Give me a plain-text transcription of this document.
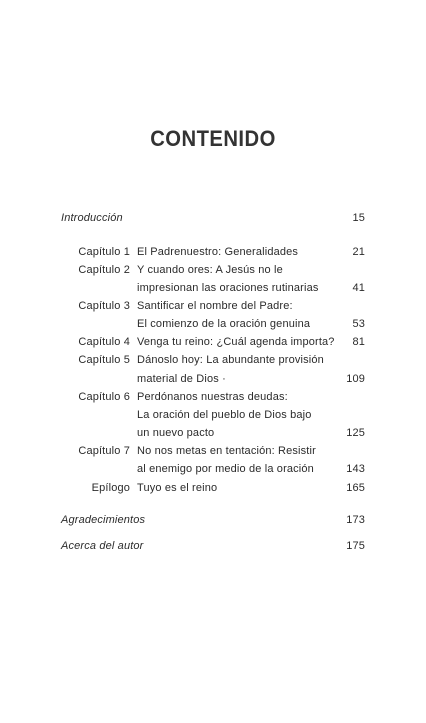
CONTENIDO
Introducción	15
Capítulo 1 El Padrenuestro: Generalidades	21
Capítulo 2 Y cuando ores: A Jesús no le
impresionan las oraciones rutinarias	41
Capítulo 3 Santificar el nombre del Padre:
El comienzo de la oración genuina	53
Capítulo 4 Venga tu reino: ¿Cuál agenda importa? 81
Capítulo 5 Dánoslo hoy: La abundante provisión
material de Dios ·	109
Capítulo 6 Perdónanos nuestras deudas:
La oración del pueblo de Dios bajo
un nuevo pacto	125
Capítulo 7 No nos metas en tentación: Resistir
al enemigo por medio de la oración	143
Epílogo Tuyo es el reino	165
Agradecimientos	173
Acerca del autor	175
